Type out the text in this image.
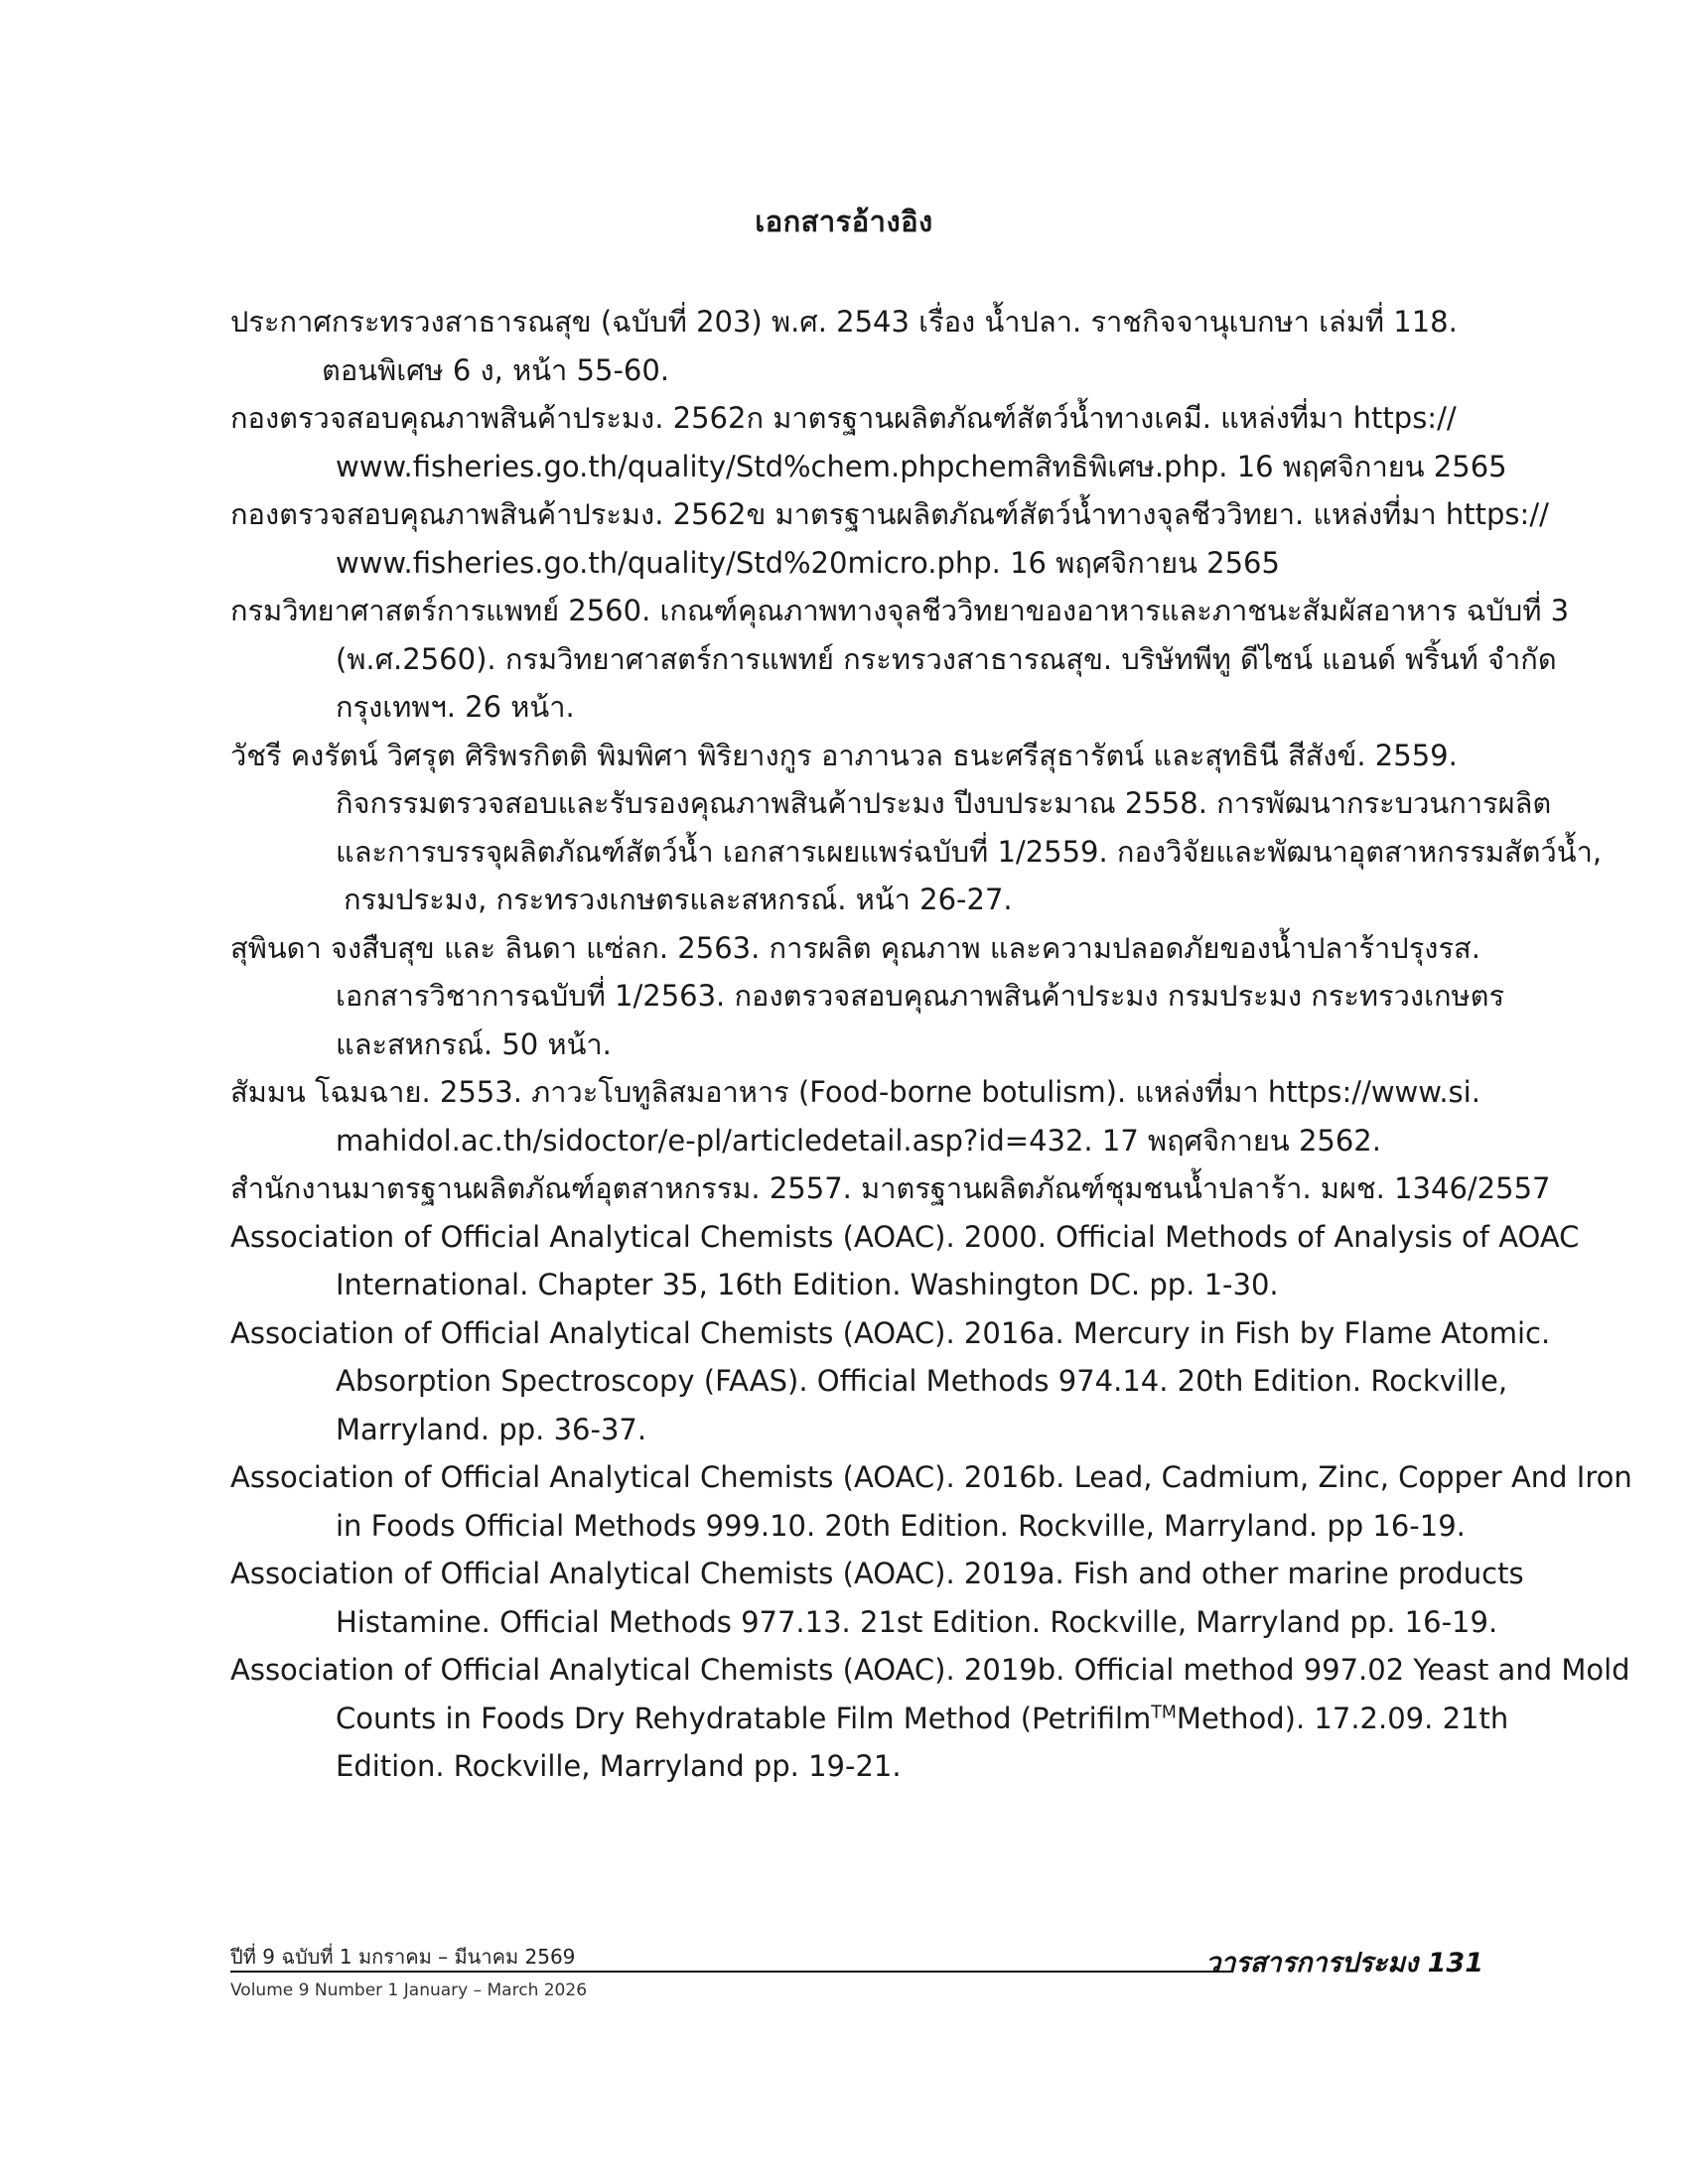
เอกสารอ้างอิง
ประกาศกระทรวงสาธารณสุข (ฉบับที่ 203) พ.ศ. 2543 เรื่อง น้ำปลา. ราชกิจจานุเบกษา เล่มที่ 118.
ตอนพิเศษ 6 ง, หน้า 55-60.
กองตรวจสอบคุณภาพสินค้าประมง. 2562ก มาตรฐานผลิตภัณฑ์สัตว์น้ำทางเคมี. แหล่งที่มา https://
www.fisheries.go.th/quality/Std%chem.phpchemสิทธิพิเศษ.php. 16 พฤศจิกายน 2565
กองตรวจสอบคุณภาพสินค้าประมง. 2562ข มาตรฐานผลิตภัณฑ์สัตว์น้ำทางจุลชีววิทยา. แหล่งที่มา https://
www.fisheries.go.th/quality/Std%20micro.php. 16 พฤศจิกายน 2565
กรมวิทยาศาสตร์การแพทย์ 2560. เกณฑ์คุณภาพทางจุลชีววิทยาของอาหารและภาชนะสัมผัสอาหาร ฉบับที่ 3
(พ.ศ.2560). กรมวิทยาศาสตร์การแพทย์ กระทรวงสาธารณสุข. บริษัทพีทู ดีไซน์ แอนด์ พริ้นท์ จำกัด
กรุงเทพฯ. 26 หน้า.
วัชรี คงรัตน์ วิศรุต ศิริพรกิตติ พิมพิศา พิริยางกูร อาภานวล ธนะศรีสุธารัตน์ และสุทธินี สีสังข์. 2559.
กิจกรรมตรวจสอบและรับรองคุณภาพสินค้าประมง ปีงบประมาณ 2558. การพัฒนากระบวนการผลิต
และการบรรจุผลิตภัณฑ์สัตว์น้ำ เอกสารเผยแพร่ฉบับที่ 1/2559. กองวิจัยและพัฒนาอุตสาหกรรมสัตว์น้ำ,
กรมประมง, กระทรวงเกษตรและสหกรณ์. หน้า 26-27.
สุพินดา จงสืบสุข และ ลินดา แซ่ลก. 2563. การผลิต คุณภาพ และความปลอดภัยของน้ำปลาร้าปรุงรส.
เอกสารวิชาการฉบับที่ 1/2563. กองตรวจสอบคุณภาพสินค้าประมง กรมประมง กระทรวงเกษตร
และสหกรณ์. 50 หน้า.
สัมมน โฉมฉาย. 2553. ภาวะโบทูลิสมอาหาร (Food-borne botulism). แหล่งที่มา https://www.si.
mahidol.ac.th/sidoctor/e-pl/articledetail.asp?id=432. 17 พฤศจิกายน 2562.
สำนักงานมาตรฐานผลิตภัณฑ์อุตสาหกรรม. 2557. มาตรฐานผลิตภัณฑ์ชุมชนน้ำปลาร้า. มผช. 1346/2557
Association of Official Analytical Chemists (AOAC). 2000. Official Methods of Analysis of AOAC
International. Chapter 35, 16th Edition. Washington DC. pp. 1-30.
Association of Official Analytical Chemists (AOAC). 2016a. Mercury in Fish by Flame Atomic.
Absorption Spectroscopy (FAAS). Official Methods 974.14. 20th Edition. Rockville,
Marryland. pp. 36-37.
Association of Official Analytical Chemists (AOAC). 2016b. Lead, Cadmium, Zinc, Copper And Iron
in Foods Official Methods 999.10. 20th Edition. Rockville, Marryland. pp 16-19.
Association of Official Analytical Chemists (AOAC). 2019a. Fish and other marine products
Histamine. Official Methods 977.13. 21st Edition. Rockville, Marryland pp. 16-19.
Association of Official Analytical Chemists (AOAC). 2019b. Official method 997.02 Yeast and Mold
Counts in Foods Dry Rehydratable Film Method (Petrifilm™Method). 17.2.09. 21th
Edition. Rockville, Marryland pp. 19-21.
ปีที่ 9 ฉบับที่ 1 มกราคม – มีนาคม 2569
Volume 9 Number 1 January – March 2026
วารสารการประมง 131
